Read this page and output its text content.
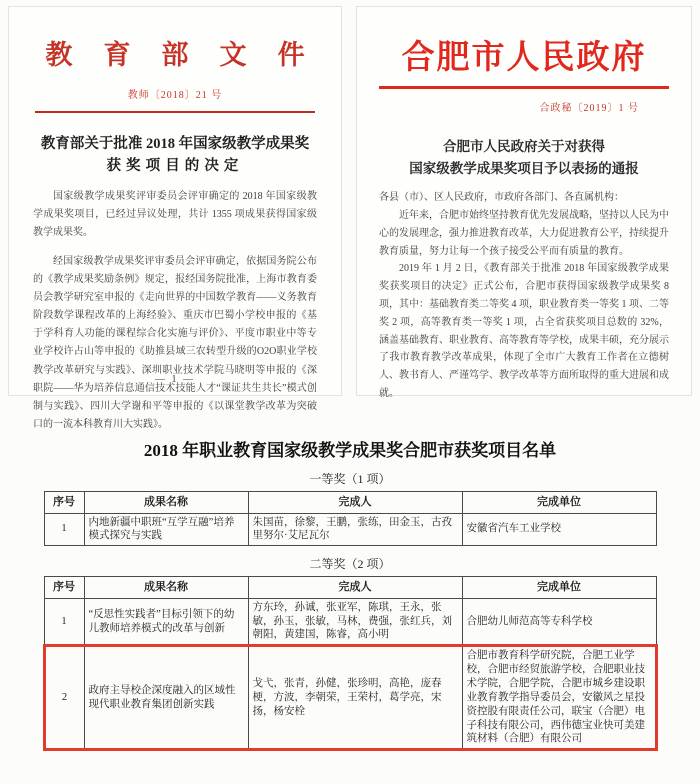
教 育 部 文 件
教师〔2018〕21 号
教育部关于批准 2018 年国家级教学成果奖
获奖项目的决定

国家级教学成果奖评审委员会评审确定的 2018 年国家级教学成果奖项目，已经过异议处理，共计 1355 项成果获得国家级教学成果奖。

经国家级教学成果奖评审委员会评审确定，依据国务院公布的《教学成果奖励条例》规定，报经国务院批准，上海市教育委员会教学研究室申报的《走向世界的中国数学教育——义务教育阶段数学课程改革的上海经验》、重庆市巴蜀小学校申报的《基于学科育人功能的课程综合化实施与评价》、平度市职业中等专业学校许占山等申报的《助推县域三农转型升级的O2O职业学校教学改革研究与实践》、深圳职业技术学院马晓明等申报的《深职院——华为培养信息通信技术技能人才“课证共生共长”模式创制与实践》、四川大学谢和平等申报的《以课堂教学改革为突破口的一流本科教育川大实践》。

— 1 —
合肥市人民政府
合政秘〔2019〕1 号
合肥市人民政府关于对获得
国家级教学成果奖项目予以表扬的通报

各县（市）、区人民政府，市政府各部门、各直属机构：

近年来，合肥市始终坚持教育优先发展战略，坚持以人民为中心的发展理念，强力推进教育改革，大力促进教育公平，持续提升教育质量，努力让每一个孩子接受公平而有质量的教育。

2019 年 1 月 2 日，《教育部关于批准 2018 年国家级教学成果奖获奖项目的决定》正式公布，合肥市获得国家级教学成果奖 8 项，其中：基础教育类二等奖 4 项，职业教育类一等奖 1 项、二等奖 2 项，高等教育类一等奖 1 项，占全省获奖项目总数的 32%，涵盖基础教育、职业教育、高等教育等学校，成果丰硕，充分展示了我市教育教学改革成果，体现了全市广大教育工作者在立德树人、教书育人、严谨笃学、教学改革等方面所取得的重大进展和成就。

2018 年职业教育国家级教学成果奖合肥市获奖项目名单
一等奖（1 项）
序号	成果名称	完成人	完成单位
1	内地新疆中职班“互学互融”培养模式探究与实践	朱国苗，徐黎，王鹏，张练，田金玉，古孜里努尔·艾尼瓦尔	安徽省汽车工业学校
二等奖（2 项）
序号	成果名称	完成人	完成单位
1	“反思性实践者”目标引领下的幼儿教师培养模式的改革与创新	方东玲，孙诚，张亚军，陈琪，王永，张敏，孙玉，张敏，马林，费强，张红兵，刘朝阳，黄建国，陈睿，高小明	合肥幼儿师范高等专科学校
2	政府主导校企深度融入的区域性现代职业教育集团创新实践	戈弋，张青，孙健，张珍明，高艳，庞春梗，方波，李朝荣，王荣村，葛学亮，宋扬，杨安栓	合肥市教育科学研究院，合肥工业学校，合肥市经贸旅游学校，合肥职业技术学院，合肥学院，合肥市城乡建设职业教育教学指导委员会，安徽风之星投资控股有限责任公司，联宝（合肥）电子科技有限公司，西伟德宝业快可美建筑材料（合肥）有限公司
